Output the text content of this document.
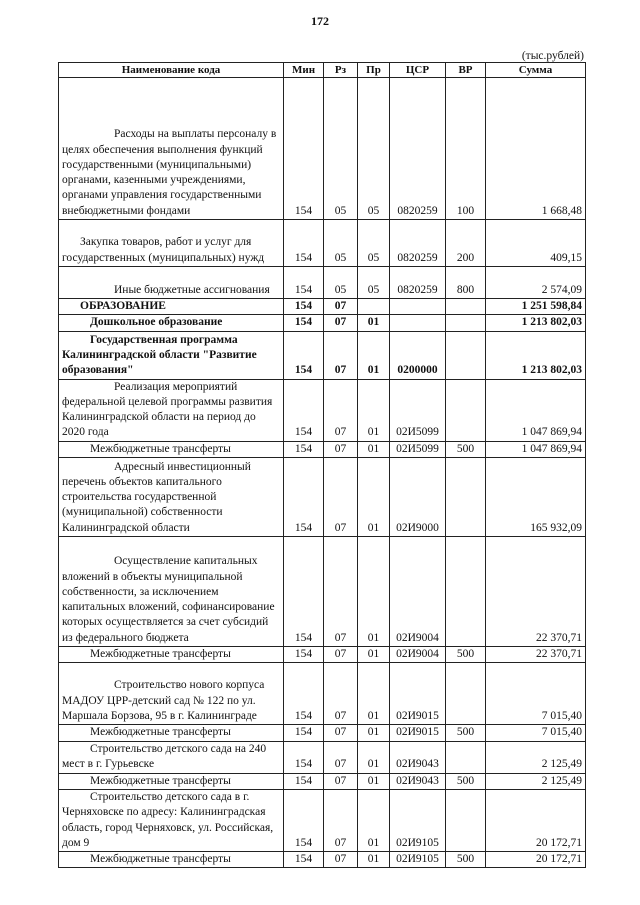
172
(тыс.рублей)
Наименование кода	Мин	Рз	Пр	ЦСР	ВР	Сумма

Расходы на выплаты персоналу в целях обеспечения выполнения функций государственными (муниципальными) органами, казенными учреждениями, органами управления государственными внебюджетными фондами	154	05	05	0820259	100	1 668,48

Закупка товаров, работ и услуг для государственных (муниципальных) нужд	154	05	05	0820259	200	409,15

Иные бюджетные ассигнования	154	05	05	0820259	800	2 574,09

ОБРАЗОВАНИЕ	154	07				1 251 598,84

Дошкольное образование	154	07	01			1 213 802,03

Государственная программа Калининградской области "Развитие образования"	154	07	01	0200000		1 213 802,03

Реализация мероприятий федеральной целевой программы развития Калининградской области на период до 2020 года	154	07	01	02И5099		1 047 869,94

Межбюджетные трансферты	154	07	01	02И5099	500	1 047 869,94

Адресный инвестиционный перечень объектов капитального строительства государственной (муниципальной) собственности Калининградской области	154	07	01	02И9000		165 932,09

Осуществление капитальных вложений в объекты муниципальной собственности, за исключением капитальных вложений, софинансирование которых осуществляется за счет субсидий из федерального бюджета	154	07	01	02И9004		22 370,71

Межбюджетные трансферты	154	07	01	02И9004	500	22 370,71

Строительство нового корпуса МАДОУ ЦРР-детский сад № 122 по ул. Маршала Борзова, 95 в г. Калининграде	154	07	01	02И9015		7 015,40

Межбюджетные трансферты	154	07	01	02И9015	500	7 015,40

Строительство детского сада на 240 мест в г. Гурьевске	154	07	01	02И9043		2 125,49

Межбюджетные трансферты	154	07	01	02И9043	500	2 125,49

Строительство детского сада в г. Черняховске по адресу: Калининградская область, город Черняховск, ул. Российская, дом 9	154	07	01	02И9105		20 172,71

Межбюджетные трансферты	154	07	01	02И9105	500	20 172,71
